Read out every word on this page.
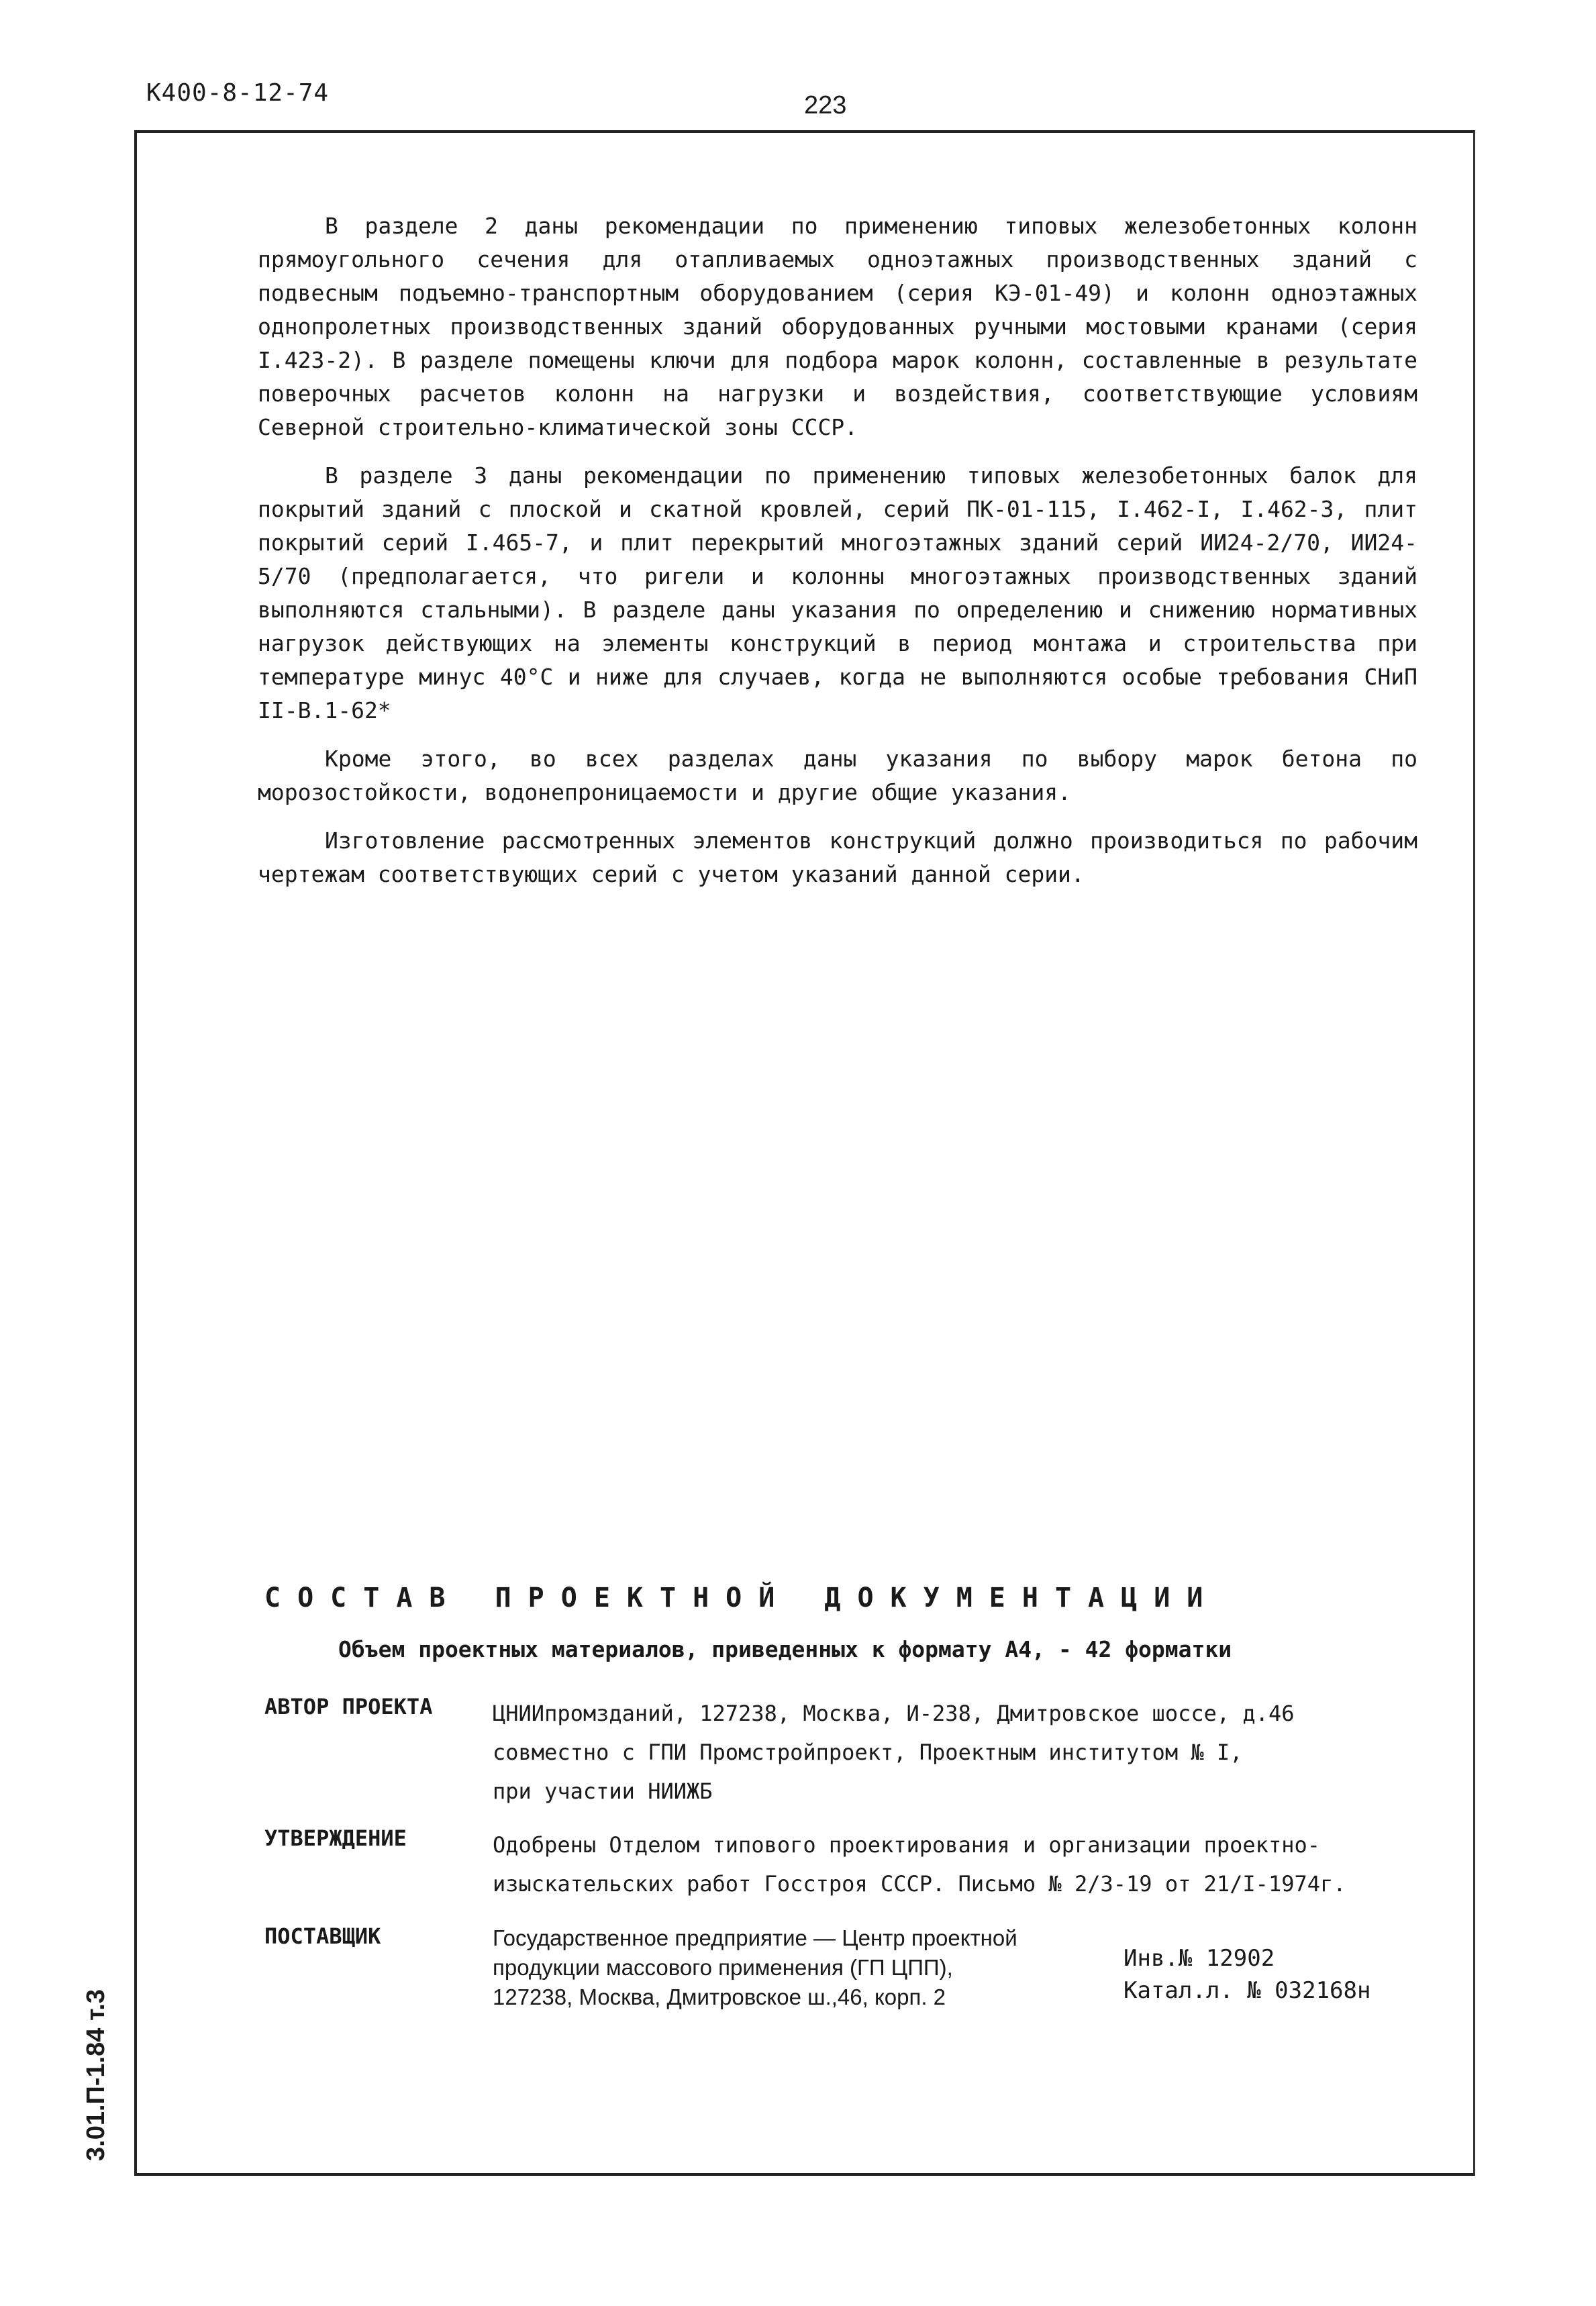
К400-8-12-74	223
3.01.П-1.84 т.3

В разделе 2 даны рекомендации по применению типовых железобетонных колонн прямоугольного сечения для отапливаемых одноэтажных производственных зданий с подвесным подъемно-транспортным оборудованием (серия КЭ-01-49) и колонн одноэтажных однопролетных производственных зданий оборудованных ручными мостовыми кранами (серия I.423-2). В разделе помещены ключи для подбора марок колонн, составленные в результате поверочных расчетов колонн на нагрузки и воздействия, соответствующие условиям Северной строительно-климатической зоны СССР.

В разделе 3 даны рекомендации по применению типовых железобетонных балок для покрытий зданий с плоской и скатной кровлей, серий ПК-01-115, I.462-I, I.462-3, плит покрытий серий I.465-7, и плит перекрытий многоэтажных зданий серий ИИ24-2/70, ИИ24-5/70 (предполагается, что ригели и колонны многоэтажных производственных зданий выполняются стальными). В разделе даны указания по определению и снижению нормативных нагрузок действующих на элементы конструкций в период монтажа и строительства при температуре минус 40°С и ниже для случаев, когда не выполняются особые требования СНиП II-В.1-62*

Кроме этого, во всех разделах даны указания по выбору марок бетона по морозостойкости, водонепроницаемости и другие общие указания.

Изготовление рассмотренных элементов конструкций должно производиться по рабочим чертежам соответствующих серий с учетом указаний данной серии.

СОСТАВ ПРОЕКТНОЙ ДОКУМЕНТАЦИИ
Объем проектных материалов, приведенных к формату А4, - 42 форматки
АВТОР ПРОЕКТА	ЦНИИпромзданий, 127238, Москва, И-238, Дмитровское шоссе, д.46
совместно с ГПИ Промстройпроект, Проектным институтом № I,
при участии НИИЖБ
УТВЕРЖДЕНИЕ	Одобрены Отделом типового проектирования и организации проектно-
изыскательских работ Госстроя СССР. Письмо № 2/3-19 от 21/I-1974г.
ПОСТАВЩИК	Государственное предприятие — Центр проектной
продукции массового применения (ГП ЦПП),
127238, Москва, Дмитровское ш.,46, корп. 2
Инв.№ 12902
Катал.л. № 032168н
